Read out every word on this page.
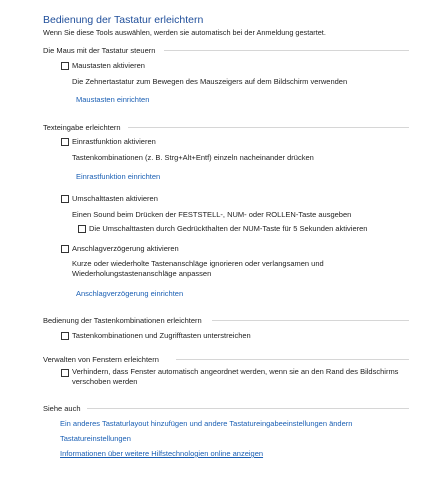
Bedienung der Tastatur erleichtern
Wenn Sie diese Tools auswählen, werden sie automatisch bei der Anmeldung gestartet.
Die Maus mit der Tastatur steuern
Maustasten aktivieren
Die Zehnertastatur zum Bewegen des Mauszeigers auf dem Bildschirm verwenden
Maustasten einrichten
Texteingabe erleichtern
Einrastfunktion aktivieren
Tastenkombinationen (z. B. Strg+Alt+Entf) einzeln nacheinander drücken
Einrastfunktion einrichten
Umschalttasten aktivieren
Einen Sound beim Drücken der FESTSTELL-, NUM- oder ROLLEN-Taste ausgeben
Die Umschalttasten durch Gedrückthalten der NUM-Taste für 5 Sekunden aktivieren
Anschlagverzögerung aktivieren
Kurze oder wiederholte Tastenanschläge ignorieren oder verlangsamen und Wiederholungstastenanschläge anpassen
Anschlagverzögerung einrichten
Bedienung der Tastenkombinationen erleichtern
Tastenkombinationen und Zugrifftasten unterstreichen
Verwalten von Fenstern erleichtern
Verhindern, dass Fenster automatisch angeordnet werden, wenn sie an den Rand des Bildschirms verschoben werden
Siehe auch
Ein anderes Tastaturlayout hinzufügen und andere Tastatureingabeeinstellungen ändern
Tastatureinstellungen
Informationen über weitere Hilfstechnologien online anzeigen
